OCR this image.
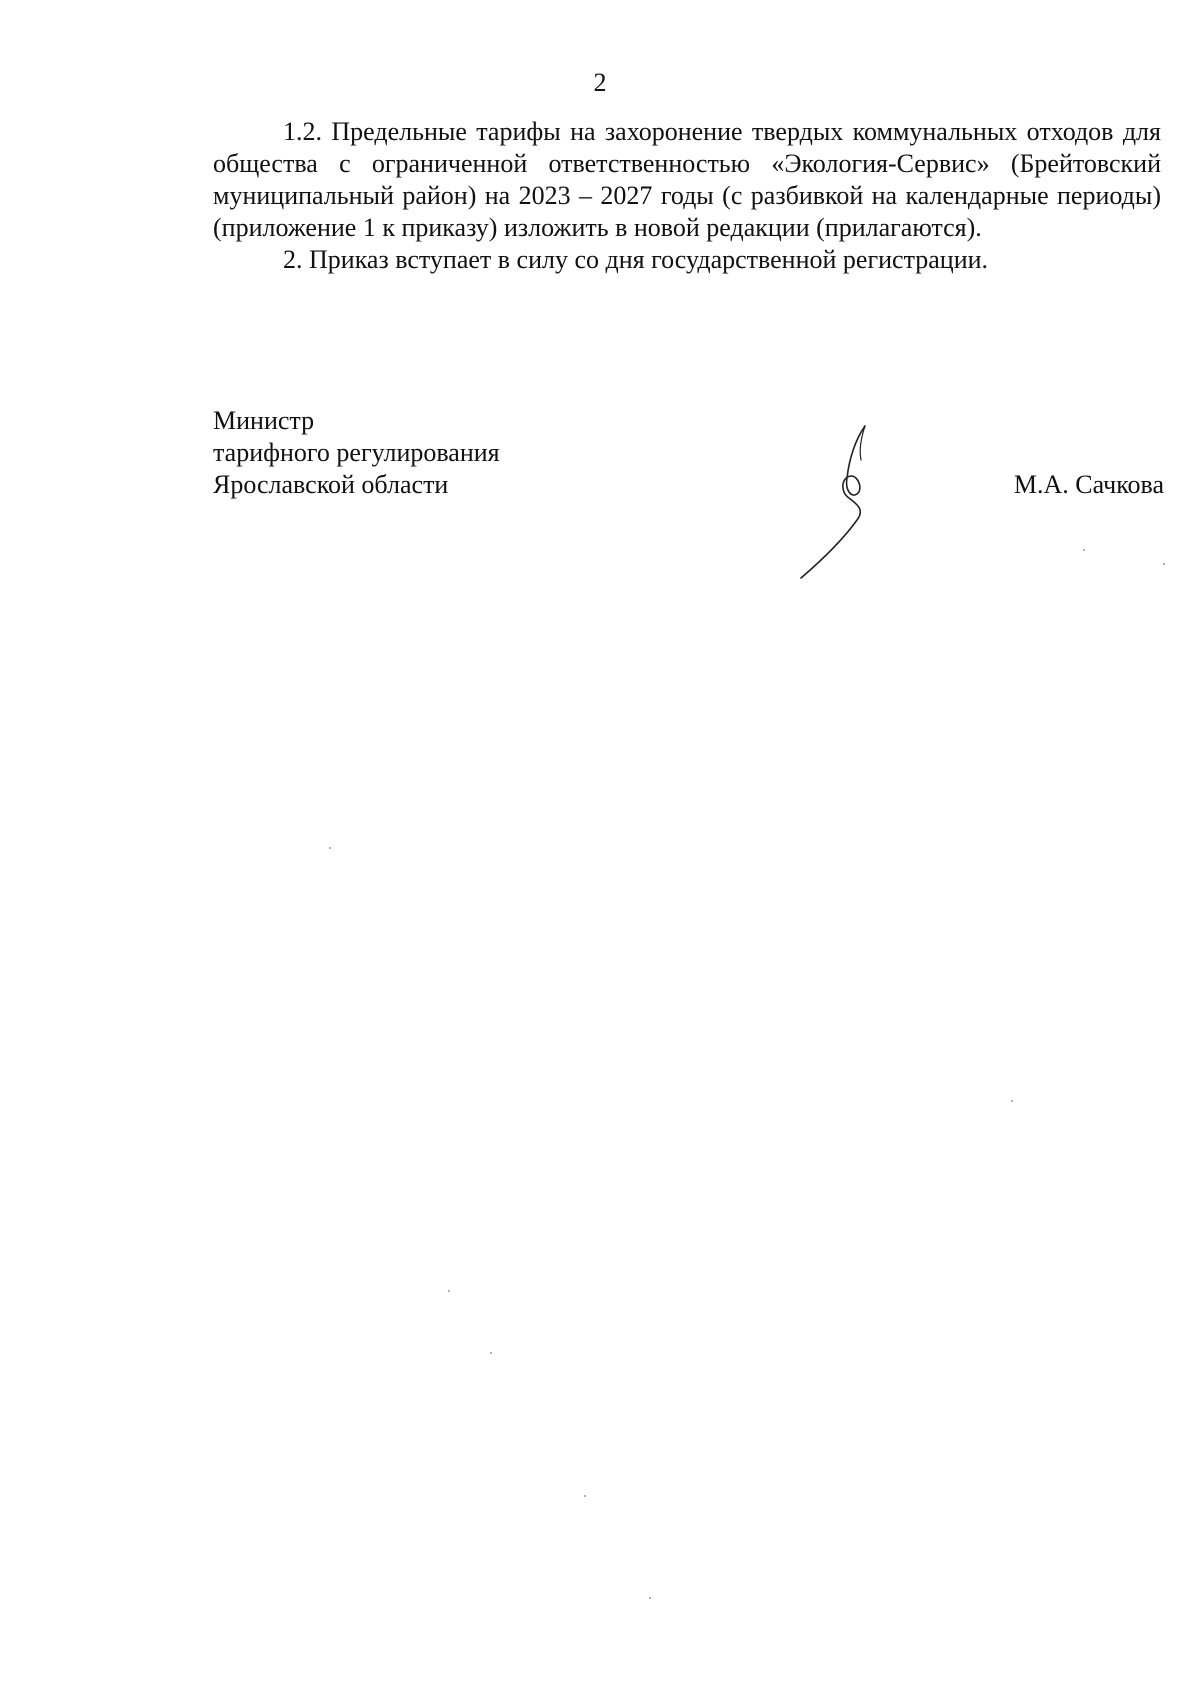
2

1.2. Предельные тарифы на захоронение твердых коммунальных отходов для общества с ограниченной ответственностью «Экология-Сервис» (Брейтовский муниципальный район) на 2023 – 2027 годы (с разбивкой на календарные периоды) (приложение 1 к приказу) изложить в новой редакции (прилагаются).

2. Приказ вступает в силу со дня государственной регистрации.

Министр
тарифного регулирования
Ярославской области	М.А. Сачкова
